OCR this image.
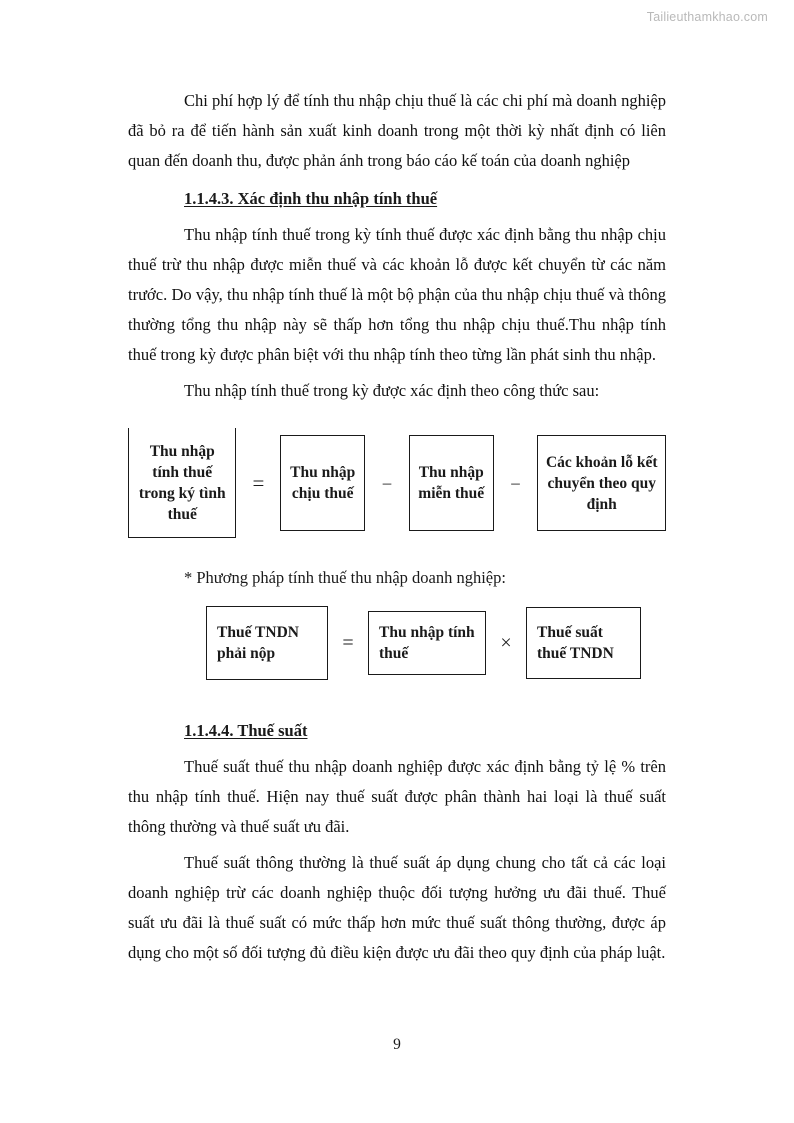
Tailieuthamkhao.com

Chi phí hợp lý để tính thu nhập chịu thuế là các chi phí mà doanh nghiệp đã bỏ ra để tiến hành sản xuất kinh doanh trong một thời kỳ nhất định có liên quan đến doanh thu, được phản ánh trong báo cáo kế toán của doanh nghiệp

1.1.4.3. Xác định thu nhập tính thuế

Thu nhập tính thuế trong kỳ tính thuế được xác định bằng thu nhập chịu thuế trừ thu nhập được miễn thuế và các khoản lỗ được kết chuyển từ các năm trước. Do vậy, thu nhập tính thuế là một bộ phận của thu nhập chịu thuế và thông thường tổng thu nhập này sẽ thấp hơn tổng thu nhập chịu thuế.Thu nhập tính thuế trong kỳ được phân biệt với thu nhập tính theo từng lần phát sinh thu nhập.

Thu nhập tính thuế trong kỳ được xác định theo công thức sau:

Thu nhập tính thuế trong ký tình thuế
=	Thu nhập chịu thuế
–
Thu nhập miễn thuế
–
Các khoản lỗ kết chuyển theo quy định
* Phương pháp tính thuế thu nhập doanh nghiệp:
Thuế TNDN phải nộp	=	Thu nhập tính thuế	×	Thuế suất thuế TNDN
1.1.4.4. Thuế suất

Thuế suất thuế thu nhập doanh nghiệp được xác định bằng tỷ lệ % trên thu nhập tính thuế. Hiện nay thuế suất được phân thành hai loại là thuế suất thông thường và thuế suất ưu đãi.

Thuế suất thông thường là thuế suất áp dụng chung cho tất cả các loại doanh nghiệp trừ các doanh nghiệp thuộc đối tượng hưởng ưu đãi thuế. Thuế suất ưu đãi là thuế suất có mức thấp hơn mức thuế suất thông thường, được áp dụng cho một số đối tượng đủ điều kiện được ưu đãi theo quy định của pháp luật.

9
